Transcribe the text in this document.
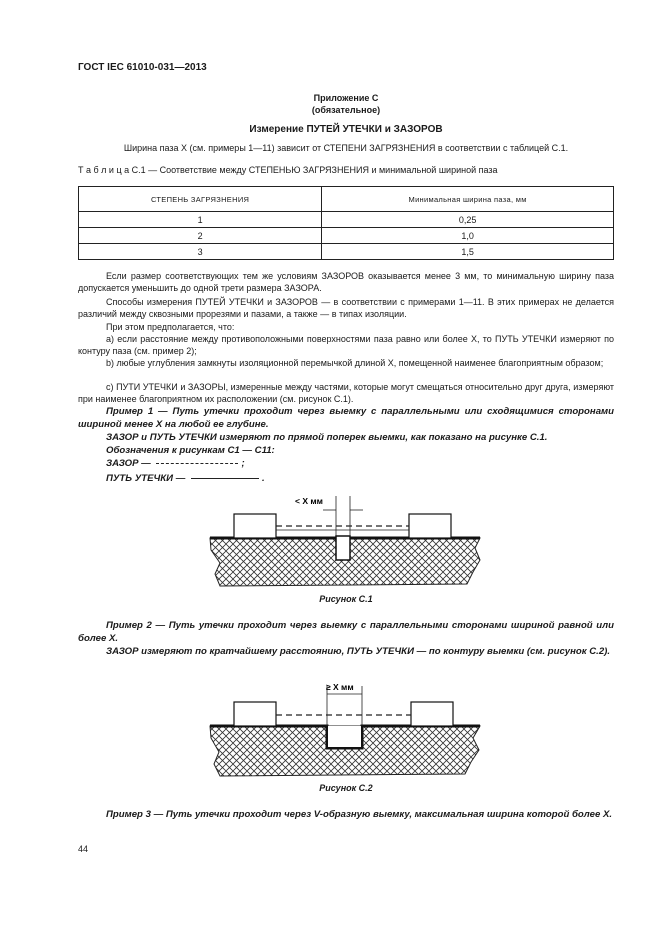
ГОСТ IEC 61010-031—2013
Приложение С
(обязательное)
Измерение ПУТЕЙ УТЕЧКИ и ЗАЗОРОВ
Ширина паза X (см. примеры 1—11) зависит от СТЕПЕНИ ЗАГРЯЗНЕНИЯ в соответствии с таблицей С.1.
Т а б л и ц а С.1 — Соответствие между СТЕПЕНЬЮ ЗАГРЯЗНЕНИЯ и минимальной шириной паза
СТЕПЕНЬ ЗАГРЯЗНЕНИЯ	Минимальная ширина паза, мм
1	0,25
2	1,0
3	1,5
Если размер соответствующих тем же условиям ЗАЗОРОВ оказывается менее 3 мм, то минимальную ширину паза допускается уменьшить до одной трети размера ЗАЗОРА.
Способы измерения ПУТЕЙ УТЕЧКИ и ЗАЗОРОВ — в соответствии с примерами 1—11. В этих примерах не делается различий между сквозными прорезями и пазами, а также — в типах изоляции.
При этом предполагается, что:
а) если расстояние между противоположными поверхностями паза равно или более X, то ПУТЬ УТЕЧКИ измеряют по контуру паза (см. пример 2);
b) любые углубления замкнуты изоляционной перемычкой длиной X, помещенной наименее благоприятным образом;
с) ПУТИ УТЕЧКИ и ЗАЗОРЫ, измеренные между частями, которые могут смещаться относительно друг друга, измеряют при наименее благоприятном их расположении (см. рисунок С.1).
Пример 1 — Путь утечки проходит через выемку с параллельными или сходящимися сторонами шириной менее X на любой ее глубине.
ЗАЗОР и ПУТЬ УТЕЧКИ измеряют по прямой поперек выемки, как показано на рисунке С.1.
Обозначения к рисункам С1 — С11:
ЗАЗОР —	;
ПУТЬ УТЕЧКИ —	.
< X мм
Рисунок С.1
Пример 2 — Путь утечки проходит через выемку с параллельными сторонами шириной равной или более X.
ЗАЗОР измеряют по кратчайшему расстоянию, ПУТЬ УТЕЧКИ — по контуру выемки (см. рисунок С.2).
≥ X мм
Рисунок С.2
Пример 3 — Путь утечки проходит через V-образную выемку, максимальная ширина которой более X.
44
